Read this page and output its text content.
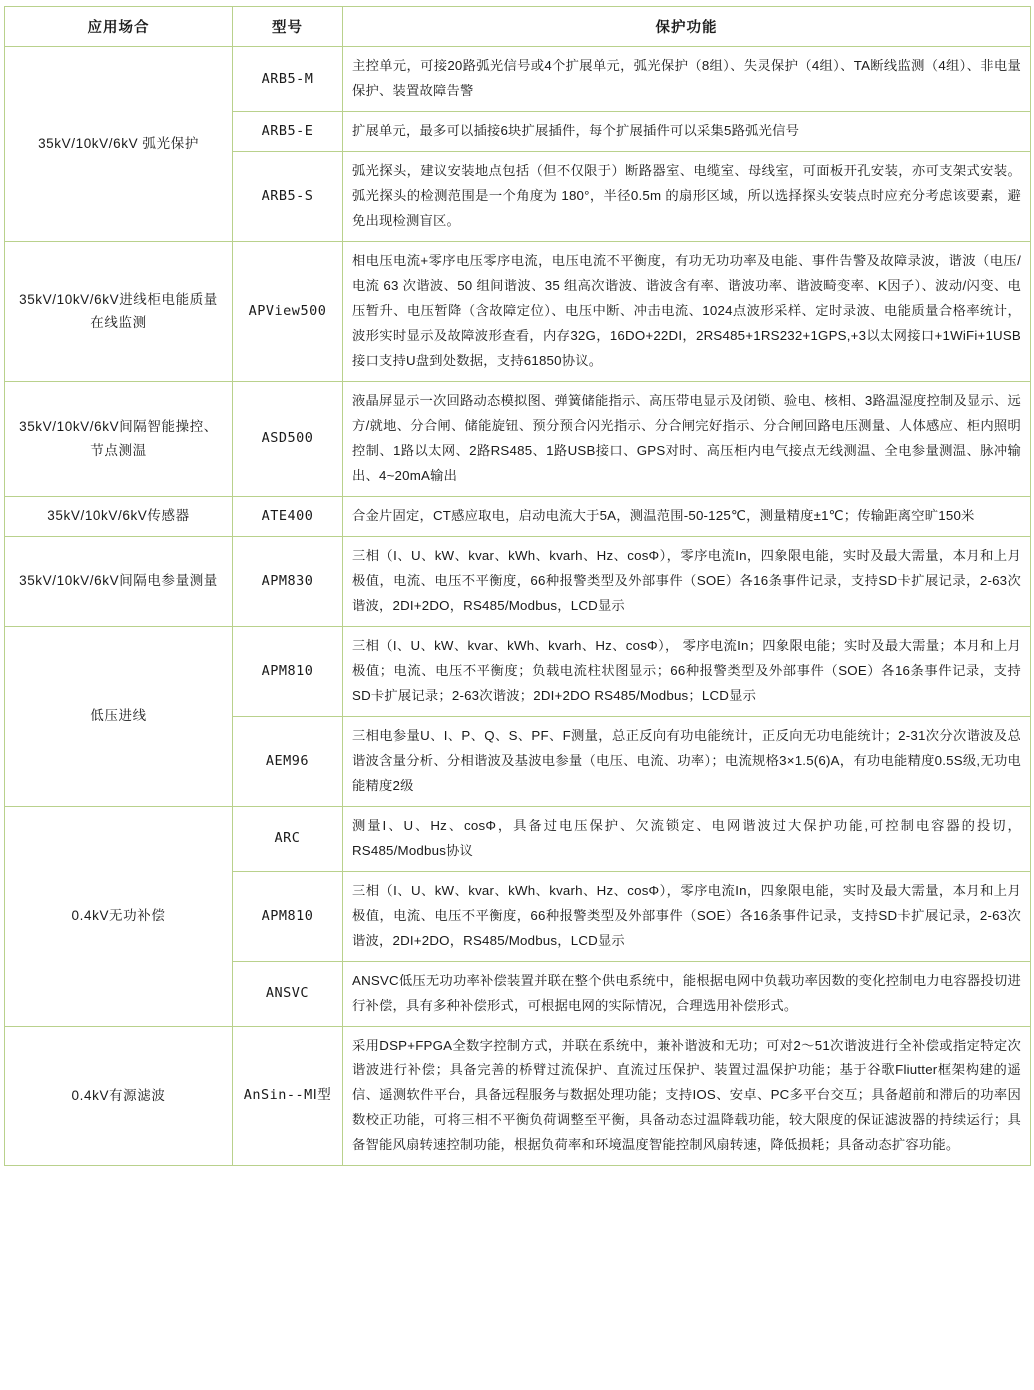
应用场合	型号	保护功能
35kV/10kV/6kV 弧光保护	ARB5-M	主控单元，可接20路弧光信号或4个扩展单元，弧光保护（8组）、失灵保护（4组）、TA断线监测（4组）、非电量保护、装置故障告警
	ARB5-E	扩展单元，最多可以插接6块扩展插件，每个扩展插件可以采集5路弧光信号
	ARB5-S	弧光探头，建议安装地点包括（但不仅限于）断路器室、电缆室、母线室，可面板开孔安装，亦可支架式安装。弧光探头的检测范围是一个角度为 180°，半径0.5m 的扇形区域，所以选择探头安装点时应充分考虑该要素，避免出现检测盲区。
35kV/10kV/6kV进线柜电能质量在线监测	APView500	相电压电流+零序电压零序电流，电压电流不平衡度，有功无功功率及电能、事件告警及故障录波，谐波（电压/电流 63 次谐波、50 组间谐波、35 组高次谐波、谐波含有率、谐波功率、谐波畸变率、K因子）、波动/闪变、电压暂升、电压暂降（含故障定位）、电压中断、冲击电流、1024点波形采样、定时录波、电能质量合格率统计，波形实时显示及故障波形查看，内存32G，16DO+22DI，2RS485+1RS232+1GPS,+3以太网接口+1WiFi+1USB接口支持U盘到处数据，支持61850协议。
35kV/10kV/6kV间隔智能操控、节点测温	ASD500	液晶屏显示一次回路动态模拟图、弹簧储能指示、高压带电显示及闭锁、验电、核相、3路温湿度控制及显示、远方/就地、分合闸、储能旋钮、预分预合闪光指示、分合闸完好指示、分合闸回路电压测量、人体感应、柜内照明控制、1路以太网、2路RS485、1路USB接口、GPS对时、高压柜内电气接点无线测温、全电参量测温、脉冲输出、4~20mA输出
35kV/10kV/6kV传感器	ATE400	合金片固定，CT感应取电，启动电流大于5A，测温范围-50-125℃，测量精度±1℃；传输距离空旷150米
35kV/10kV/6kV间隔电参量测量	APM830	三相（I、U、kW、kvar、kWh、kvarh、Hz、cosΦ），零序电流In，四象限电能，实时及最大需量，本月和上月极值，电流、电压不平衡度，66种报警类型及外部事件（SOE）各16条事件记录，支持SD卡扩展记录，2-63次谐波，2DI+2DO，RS485/Modbus，LCD显示
低压进线	APM810	三相（I、U、kW、kvar、kWh、kvarh、Hz、cosΦ）， 零序电流In；四象限电能；实时及最大需量；本月和上月极值；电流、电压不平衡度；负载电流柱状图显示；66种报警类型及外部事件（SOE）各16条事件记录，支持SD卡扩展记录；2-63次谐波；2DI+2DO RS485/Modbus；LCD显示
	AEM96	三相电参量U、I、P、Q、S、PF、F测量，总正反向有功电能统计，正反向无功电能统计；2-31次分次谐波及总谐波含量分析、分相谐波及基波电参量（电压、电流、功率）；电流规格3×1.5(6)A，有功电能精度0.5S级,无功电能精度2级
0.4kV无功补偿	ARC	测量I、U、Hz、cosΦ，具备过电压保护、欠流锁定、电网谐波过大保护功能,可控制电容器的投切，RS485/Modbus协议
	APM810	三相（I、U、kW、kvar、kWh、kvarh、Hz、cosΦ），零序电流In，四象限电能，实时及最大需量，本月和上月极值，电流、电压不平衡度，66种报警类型及外部事件（SOE）各16条事件记录，支持SD卡扩展记录，2-63次谐波，2DI+2DO，RS485/Modbus，LCD显示
	ANSVC	ANSVC低压无功功率补偿装置并联在整个供电系统中，能根据电网中负载功率因数的变化控制电力电容器投切进行补偿，具有多种补偿形式，可根据电网的实际情况，合理选用补偿形式。
0.4kV有源滤波	AnSin--MⅠ型	采用DSP+FPGA全数字控制方式，并联在系统中，兼补谐波和无功；可对2～51次谐波进行全补偿或指定特定次谐波进行补偿；具备完善的桥臂过流保护、直流过压保护、装置过温保护功能；基于谷歌Fliutter框架构建的遥信、遥测软件平台，具备远程服务与数据处理功能；支持IOS、安卓、PC多平台交互；具备超前和滞后的功率因数校正功能，可将三相不平衡负荷调整至平衡，具备动态过温降载功能，较大限度的保证滤波器的持续运行；具备智能风扇转速控制功能，根据负荷率和环境温度智能控制风扇转速，降低损耗；具备动态扩容功能。
